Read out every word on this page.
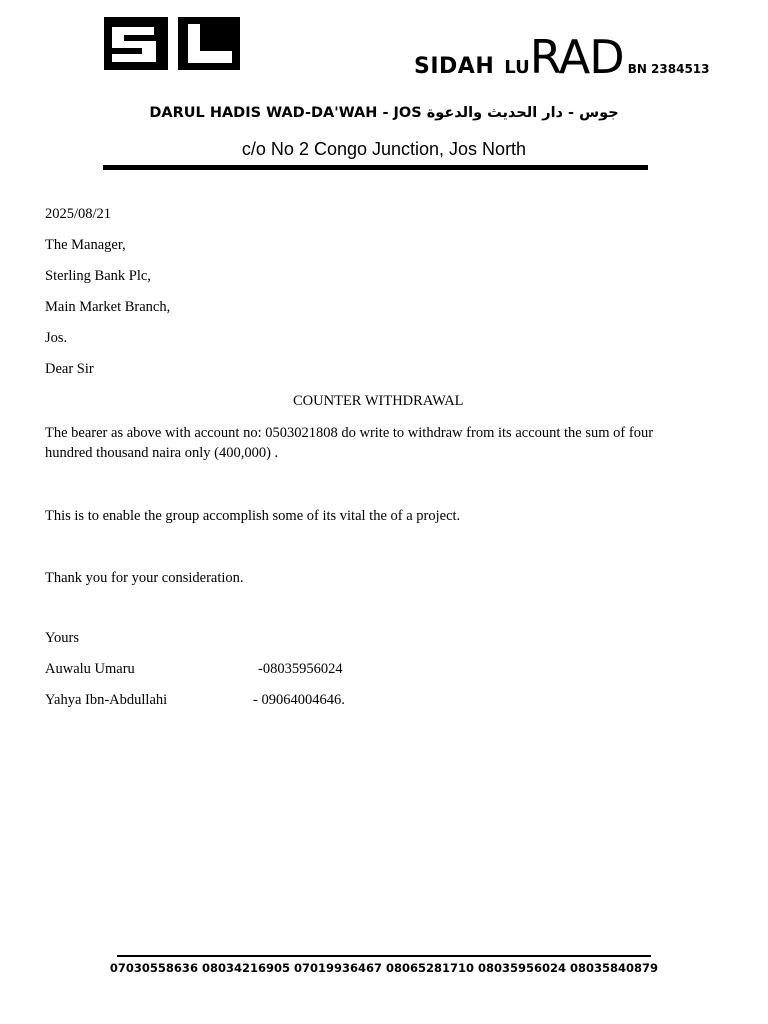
SIDAH LURAD BN 2384513
DARUL HADIS WAD-DA'WAH - JOS جوس - دار الحديث والدعوة
c/o No 2 Congo Junction, Jos North
2025/08/21
The Manager,
Sterling Bank Plc,
Main Market Branch,
Jos.
Dear Sir
COUNTER WITHDRAWAL
The bearer as above with account no: 0503021808 do write to withdraw from its account the sum of four hundred thousand naira only (400,000) .
This is to enable the group accomplish some of its vital the of a project.
Thank you for your consideration.
Yours
Auwalu Umaru	-08035956024
Yahya Ibn-Abdullahi	- 09064004646.
07030558636 08034216905 07019936467 08065281710 08035956024 08035840879
